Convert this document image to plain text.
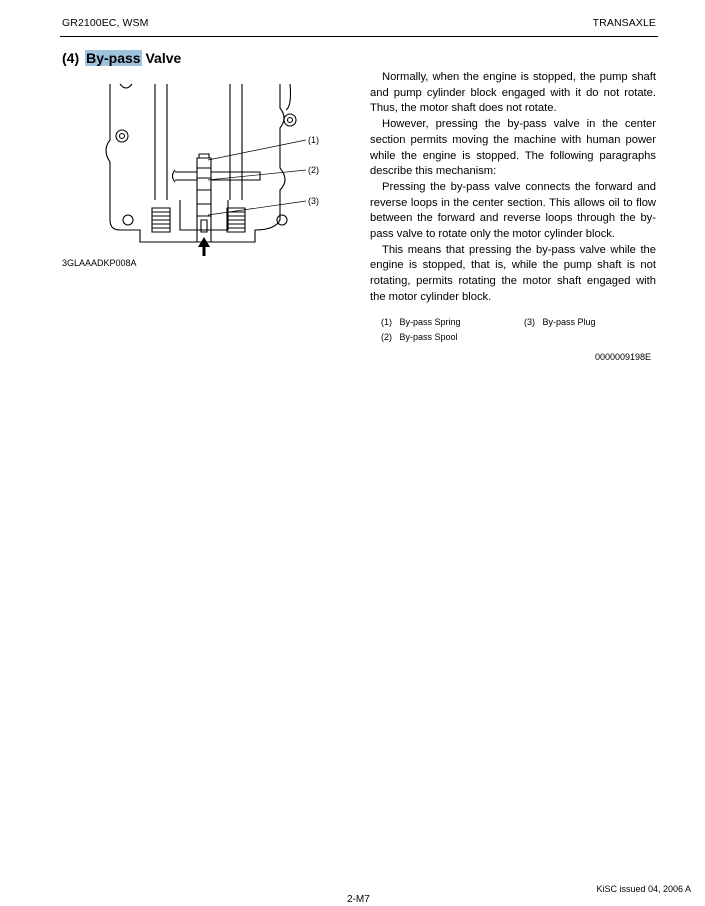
GR2100EC, WSM	TRANSAXLE
(4) By-pass Valve
(1)
(2)
(3)
3GLAAADKP008A

Normally, when the engine is stopped, the pump shaft and pump cylinder block engaged with it do not rotate. Thus, the motor shaft does not rotate.

However, pressing the by-pass valve in the center section permits moving the machine with human power while the engine is stopped. The following paragraphs describe this mechanism:

Pressing the by-pass valve connects the forward and reverse loops in the center section. This allows oil to flow between the forward and reverse loops through the by-pass valve to rotate only the motor cylinder block.

This means that pressing the by-pass valve while the engine is stopped, that is, while the pump shaft is not rotating, permits rotating the motor shaft engaged with the motor cylinder block.

(1) By-pass Spring	(3) By-pass Plug
(2) By-pass Spool
0000009198E
2-M7
KiSC issued 04, 2006 A
